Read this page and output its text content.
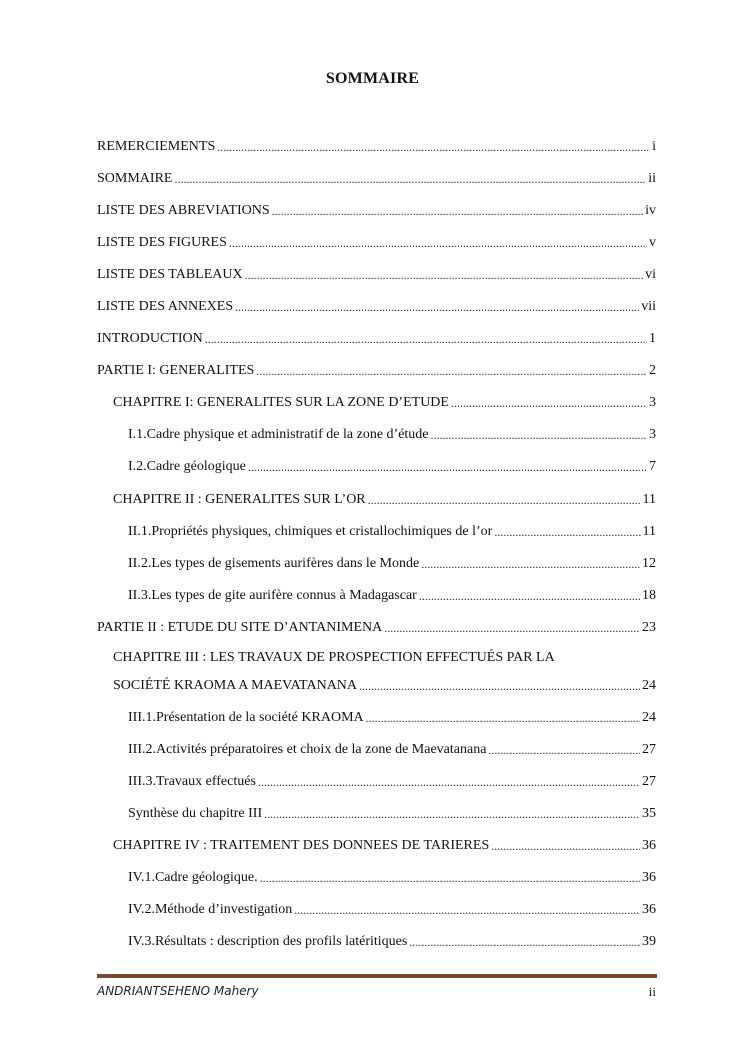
SOMMAIRE
REMERCIEMENTS .....	i
SOMMAIRE .....	ii
LISTE DES ABREVIATIONS .....	iv
LISTE DES FIGURES .....	v
LISTE DES TABLEAUX .....	vi
LISTE DES ANNEXES .....	vii
INTRODUCTION .....	1
PARTIE I: GENERALITES .....	2
CHAPITRE I: GENERALITES SUR LA ZONE D’ETUDE .....	3
I.1. Cadre physique et administratif de la zone d’étude .....	3
I.2. Cadre géologique .....	7
CHAPITRE II : GENERALITES SUR L’OR .....	11
II.1. Propriétés physiques, chimiques et cristallochimiques de l’or .....	11
II.2. Les types de gisements aurifères dans le Monde .....	12
II.3. Les types de gite aurifère connus à Madagascar .....	18
PARTIE II : ETUDE DU SITE D’ANTANIMENA .....	23
CHAPITRE III : LES TRAVAUX DE PROSPECTION EFFECTUÉS PAR LA
SOCIÉTÉ KRAOMA A MAEVATANANA .....	24
III.1. Présentation de la société KRAOMA .....	24
III.2. Activités préparatoires et choix de la zone de Maevatanana .....	27
III.3. Travaux effectués .....	27
Synthèse du chapitre III .....	35
CHAPITRE IV : TRAITEMENT DES DONNEES DE TARIERES .....	36
IV.1. Cadre géologique. .....	36
IV.2. Méthode d’investigation .....	36
IV.3. Résultats : description des profils latéritiques .....	39
ANDRIANTSEHENO Mahery	ii
